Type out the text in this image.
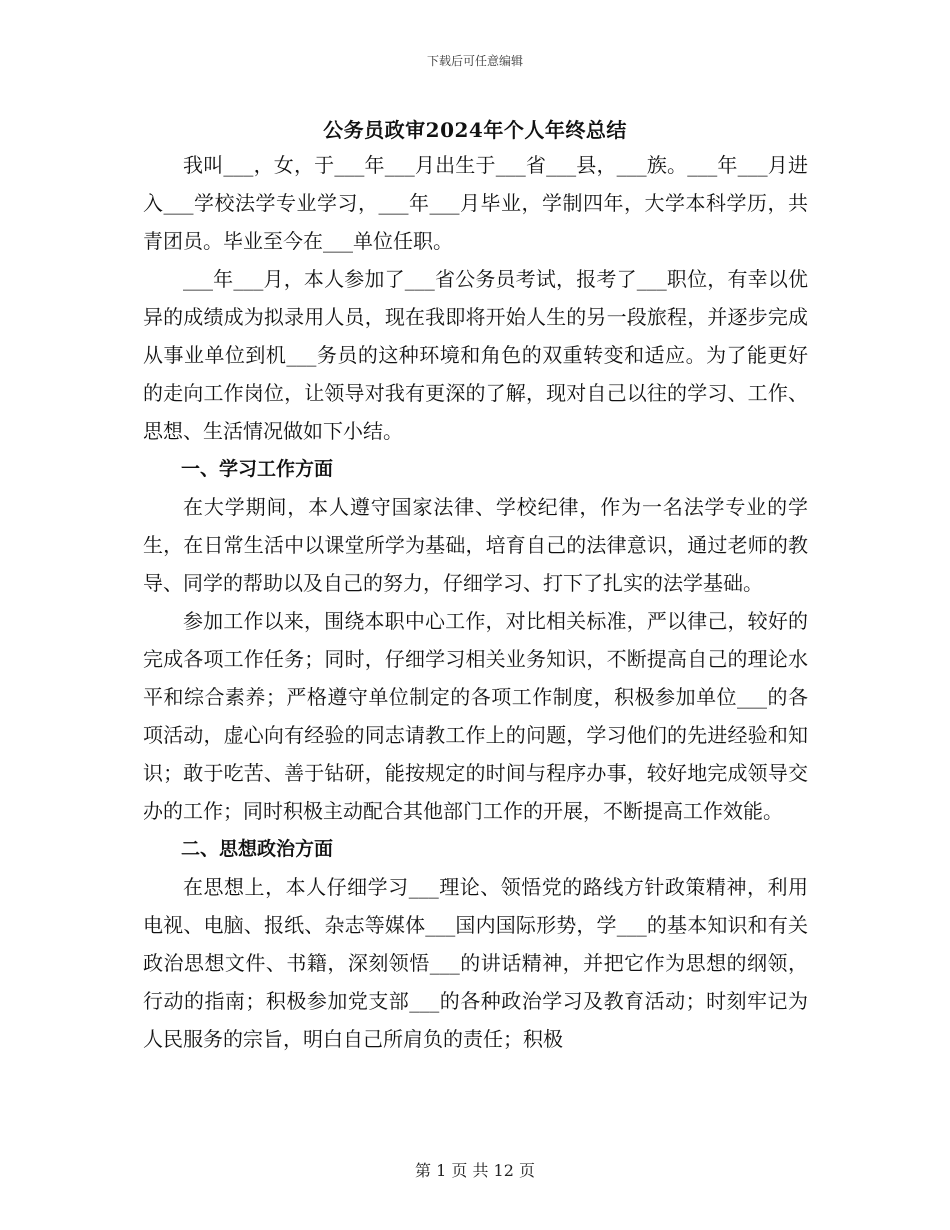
下载后可任意编辑
公务员政审2024年个人年终总结

我叫___，女，于___年___月出生于___省___县，___族。___年___月进入___学校法学专业学习，___年___月毕业，学制四年，大学本科学历，共青团员。毕业至今在___单位任职。

___年___月，本人参加了___省公务员考试，报考了___职位，有幸以优异的成绩成为拟录用人员，现在我即将开始人生的另一段旅程，并逐步完成从事业单位到机___务员的这种环境和角色的双重转变和适应。为了能更好的走向工作岗位，让领导对我有更深的了解，现对自己以往的学习、工作、思想、生活情况做如下小结。

一、学习工作方面

在大学期间，本人遵守国家法律、学校纪律，作为一名法学专业的学生，在日常生活中以课堂所学为基础，培育自己的法律意识，通过老师的教导、同学的帮助以及自己的努力，仔细学习、打下了扎实的法学基础。

参加工作以来，围绕本职中心工作，对比相关标准，严以律己，较好的完成各项工作任务；同时，仔细学习相关业务知识，不断提高自己的理论水平和综合素养；严格遵守单位制定的各项工作制度，积极参加单位___的各项活动，虚心向有经验的同志请教工作上的问题，学习他们的先进经验和知识；敢于吃苦、善于钻研，能按规定的时间与程序办事，较好地完成领导交办的工作；同时积极主动配合其他部门工作的开展，不断提高工作效能。

二、思想政治方面

在思想上，本人仔细学习___理论、领悟党的路线方针政策精神，利用电视、电脑、报纸、杂志等媒体___国内国际形势，学___的基本知识和有关政治思想文件、书籍，深刻领悟___的讲话精神，并把它作为思想的纲领，行动的指南；积极参加党支部___的各种政治学习及教育活动；时刻牢记为人民服务的宗旨，明白自己所肩负的责任；积极

第 1 页 共 12 页
